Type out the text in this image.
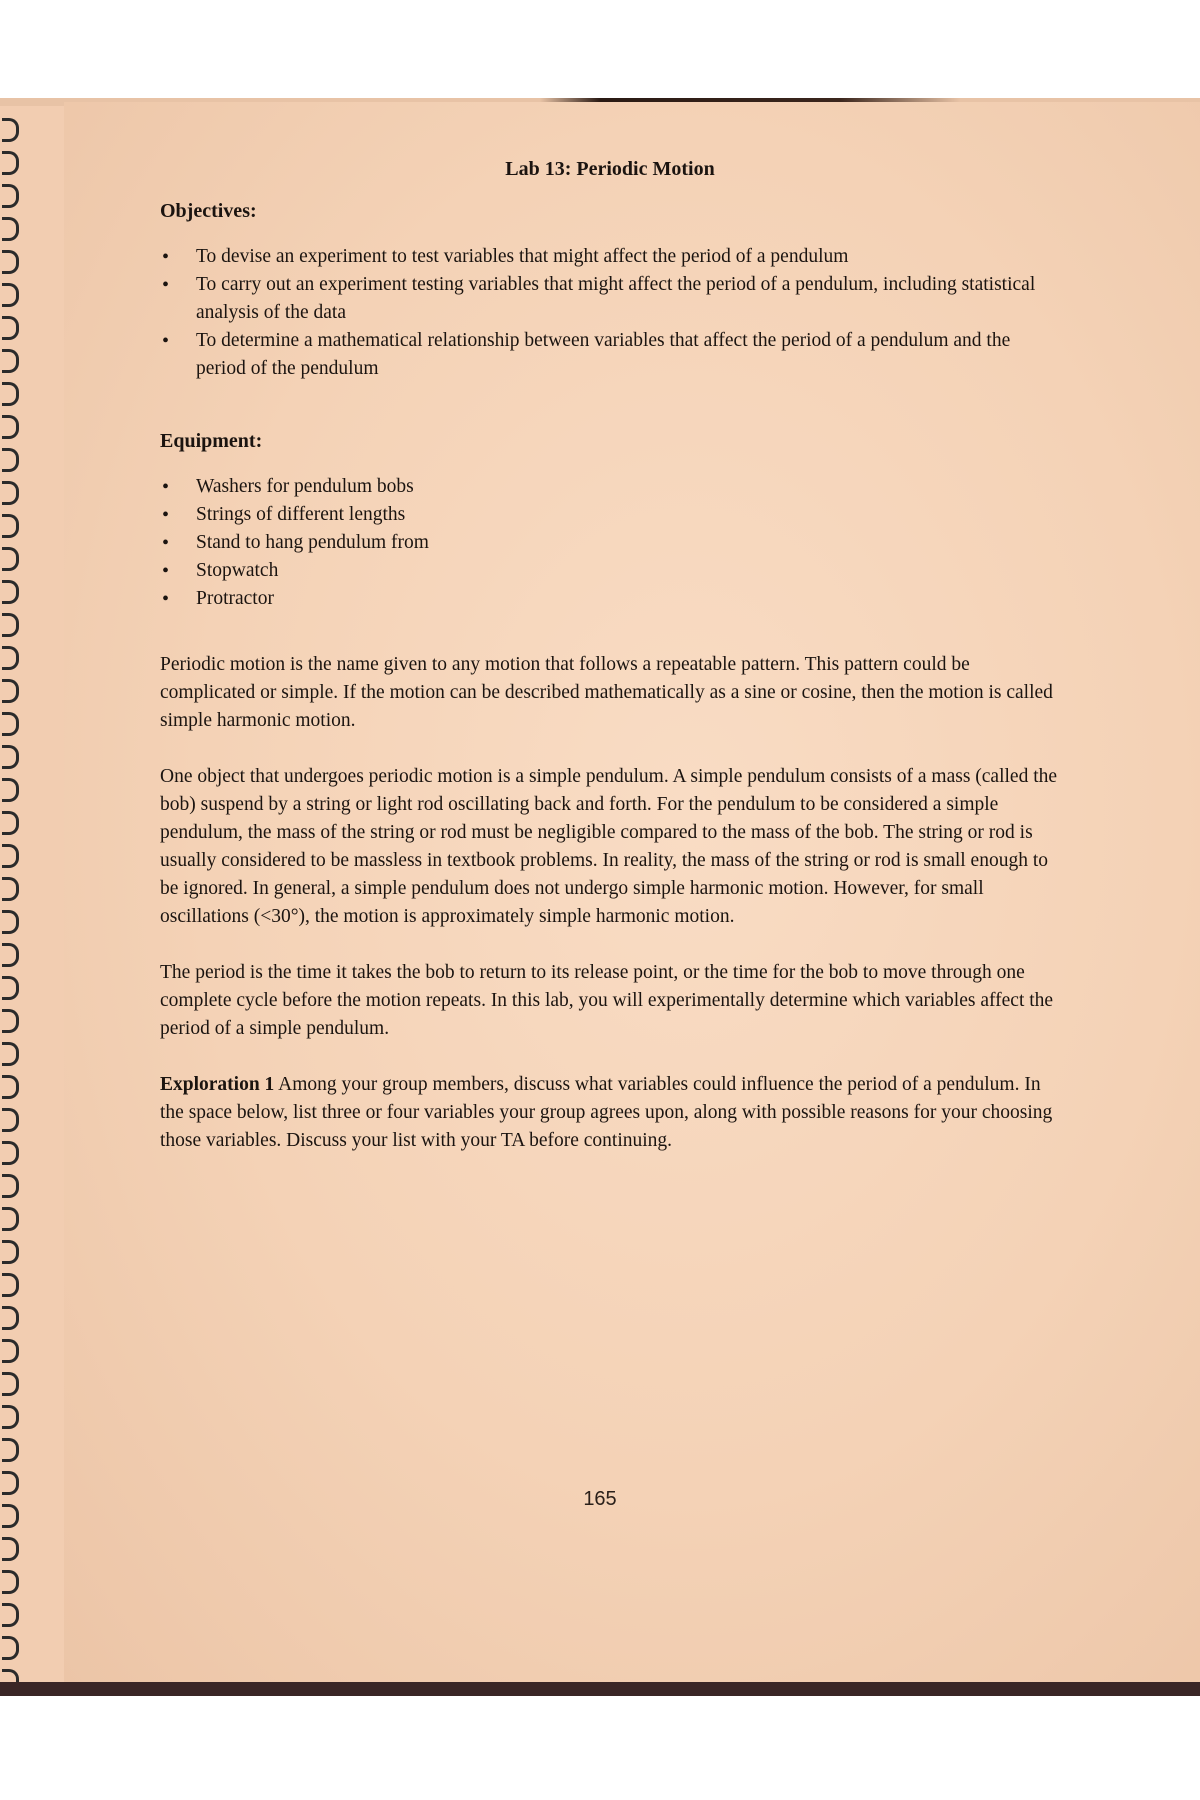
Lab 13: Periodic Motion
Objectives:
• To devise an experiment to test variables that might affect the period of a pendulum
• To carry out an experiment testing variables that might affect the period of a pendulum, including statistical analysis of the data
• To determine a mathematical relationship between variables that affect the period of a pendulum and the period of the pendulum
Equipment:
• Washers for pendulum bobs
• Strings of different lengths
• Stand to hang pendulum from
• Stopwatch
• Protractor

Periodic motion is the name given to any motion that follows a repeatable pattern. This pattern could be complicated or simple. If the motion can be described mathematically as a sine or cosine, then the motion is called simple harmonic motion.

One object that undergoes periodic motion is a simple pendulum. A simple pendulum consists of a mass (called the bob) suspend by a string or light rod oscillating back and forth. For the pendulum to be considered a simple pendulum, the mass of the string or rod must be negligible compared to the mass of the bob. The string or rod is usually considered to be massless in textbook problems. In reality, the mass of the string or rod is small enough to be ignored. In general, a simple pendulum does not undergo simple harmonic motion. However, for small oscillations (<30°), the motion is approximately simple harmonic motion.

The period is the time it takes the bob to return to its release point, or the time for the bob to move through one complete cycle before the motion repeats. In this lab, you will experimentally determine which variables affect the period of a simple pendulum.

Exploration 1 Among your group members, discuss what variables could influence the period of a pendulum. In the space below, list three or four variables your group agrees upon, along with possible reasons for your choosing those variables. Discuss your list with your TA before continuing.

165
